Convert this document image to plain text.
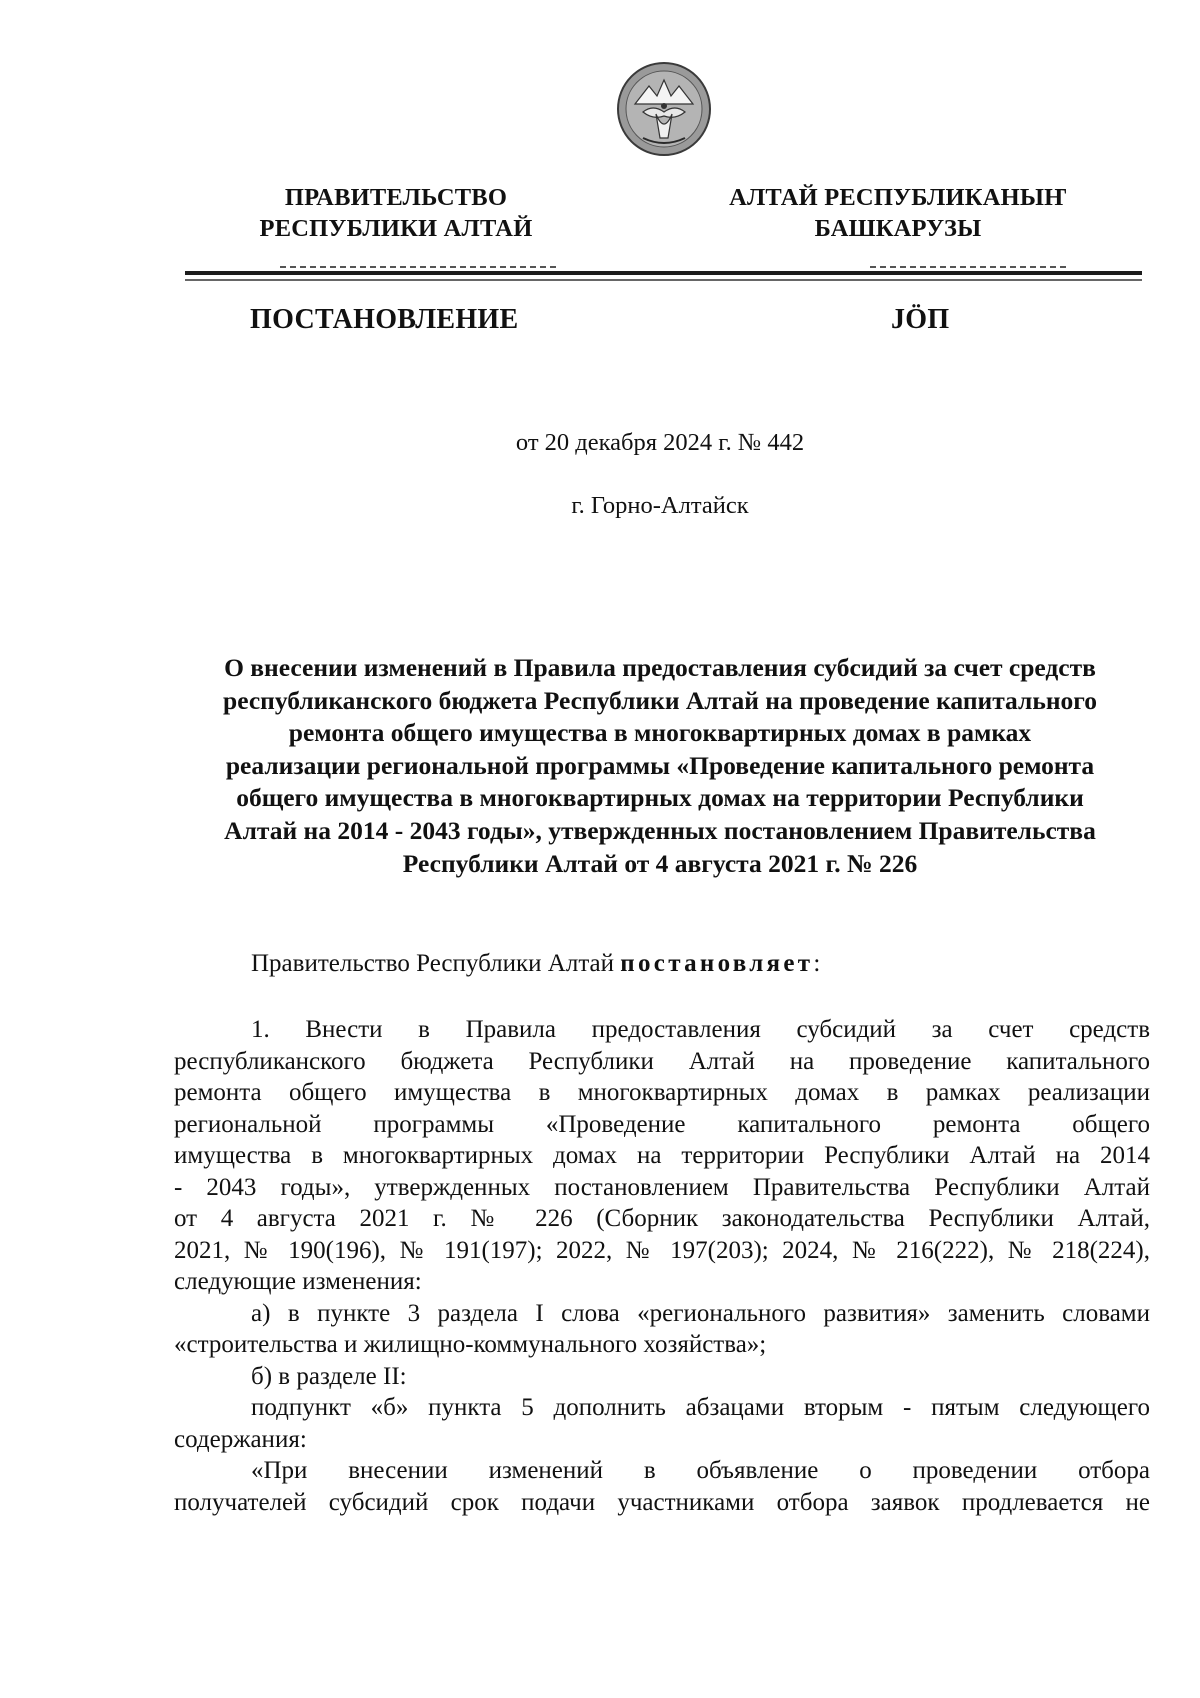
ПРАВИТЕЛЬСТВО
РЕСПУБЛИКИ АЛТАЙ
АЛТАЙ РЕСПУБЛИКАНЫҤ
БАШКАРУЗЫ
ПОСТАНОВЛЕНИЕ	JÖП
от 20 декабря 2024 г. № 442
г. Горно-Алтайск
О внесении изменений в Правила предоставления субсидий за счет средств
республиканского бюджета Республики Алтай на проведение капитального
ремонта общего имущества в многоквартирных домах в рамках
реализации региональной программы «Проведение капитального ремонта
общего имущества в многоквартирных домах на территории Республики
Алтай на 2014 - 2043 годы», утвержденных постановлением Правительства
Республики Алтай от 4 августа 2021 г. № 226
Правительство Республики Алтай постановляет:
1. Внести в Правила предоставления субсидий за счет средств
республиканского бюджета Республики Алтай на проведение капитального
ремонта общего имущества в многоквартирных домах в рамках реализации
региональной программы «Проведение капитального ремонта общего
имущества в многоквартирных домах на территории Республики Алтай на 2014
- 2043 годы», утвержденных постановлением Правительства Республики Алтай
от 4 августа 2021 г. № 226 (Сборник законодательства Республики Алтай,
2021, № 190(196), № 191(197); 2022, № 197(203); 2024, № 216(222), № 218(224),
следующие изменения:
а) в пункте 3 раздела I слова «регионального развития» заменить словами
«строительства и жилищно-коммунального хозяйства»;
б) в разделе II:
подпункт «б» пункта 5 дополнить абзацами вторым - пятым следующего
содержания:
«При внесении изменений в объявление о проведении отбора
получателей субсидий срок подачи участниками отбора заявок продлевается не
